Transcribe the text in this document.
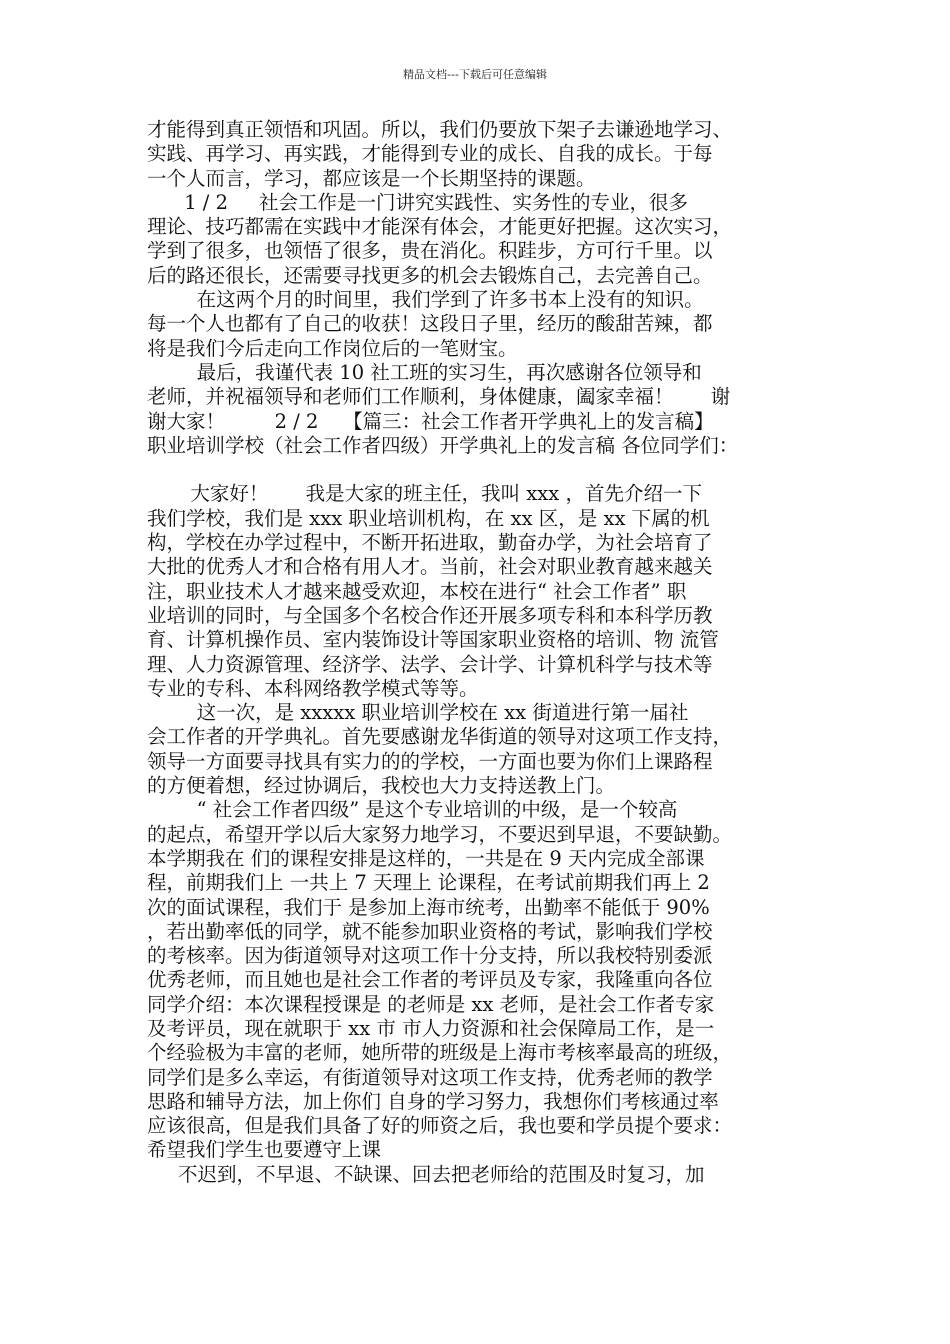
精品文档---下载后可任意编辑
才能得到真正领悟和巩固。所以，我们仍要放下架子去谦逊地学习、
实践、再学习、再实践，才能得到专业的成长、自我的成长。于每
一个人而言，学习，都应该是一个长期坚持的课题。
1 / 2     社会工作是一门讲究实践性、实务性的专业，很多
理论、技巧都需在实践中才能深有体会，才能更好把握。这次实习，
学到了很多，也领悟了很多，贵在消化。积跬步，方可行千里。以
后的路还很长，还需要寻找更多的机会去锻炼自己，去完善自己。
在这两个月的时间里，我们学到了许多书本上没有的知识。
每一个人也都有了自己的收获！这段日子里，经历的酸甜苦辣，都
将是我们今后走向工作岗位后的一笔财宝。
最后，我谨代表 10 社工班的实习生，再次感谢各位领导和
老师，并祝福领导和老师们工作顺利，身体健康，阖家幸福！      谢
谢大家！        2 / 2    【篇三：社会工作者开学典礼上的发言稿】
职业培训学校（社会工作者四级）开学典礼上的发言稿 各位同学们：
大家好！      我是大家的班主任，我叫 xxx ，首先介绍一下
我们学校，我们是 xxx 职业培训机构，在 xx 区，是 xx 下属的机
构，学校在办学过程中，不断开拓进取，勤奋办学，为社会培育了
大批的优秀人才和合格有用人才。当前，社会对职业教育越来越关
注，职业技术人才越来越受欢迎，本校在进行“ 社会工作者” 职
业培训的同时，与全国多个名校合作还开展多项专科和本科学历教
育、计算机操作员、室内装饰设计等国家职业资格的培训、物 流管
理、人力资源管理、经济学、法学、会计学、计算机科学与技术等
专业的专科、本科网络教学模式等等。
这一次，是 xxxxx 职业培训学校在 xx 街道进行第一届社
会工作者的开学典礼。首先要感谢龙华街道的领导对这项工作支持，
领导一方面要寻找具有实力的的学校，一方面也要为你们上课路程
的方便着想，经过协调后，我校也大力支持送教上门。
“ 社会工作者四级” 是这个专业培训的中级，是一个较高
的起点，希望开学以后大家努力地学习，不要迟到早退，不要缺勤。
本学期我在 们的课程安排是这样的，一共是在 9 天内完成全部课
程，前期我们上 一共上 7 天理上 论课程，在考试前期我们再上 2
次的面试课程，我们于 是参加上海市统考，出勤率不能低于 90%
，若出勤率低的同学，就不能参加职业资格的考试，影响我们学校
的考核率。因为街道领导对这项工作十分支持，所以我校特别委派
优秀老师，而且她也是社会工作者的考评员及专家，我隆重向各位
同学介绍：本次课程授课是 的老师是 xx 老师，是社会工作者专家
及考评员，现在就职于 xx 市 市人力资源和社会保障局工作，是一
个经验极为丰富的老师，她所带的班级是上海市考核率最高的班级，
同学们是多么幸运，有街道领导对这项工作支持，优秀老师的教学
思路和辅导方法，加上你们 自身的学习努力，我想你们考核通过率
应该很高，但是我们具备了好的师资之后，我也要和学员提个要求：
希望我们学生也要遵守上课
不迟到，不早退、不缺课、回去把老师给的范围及时复习，加
